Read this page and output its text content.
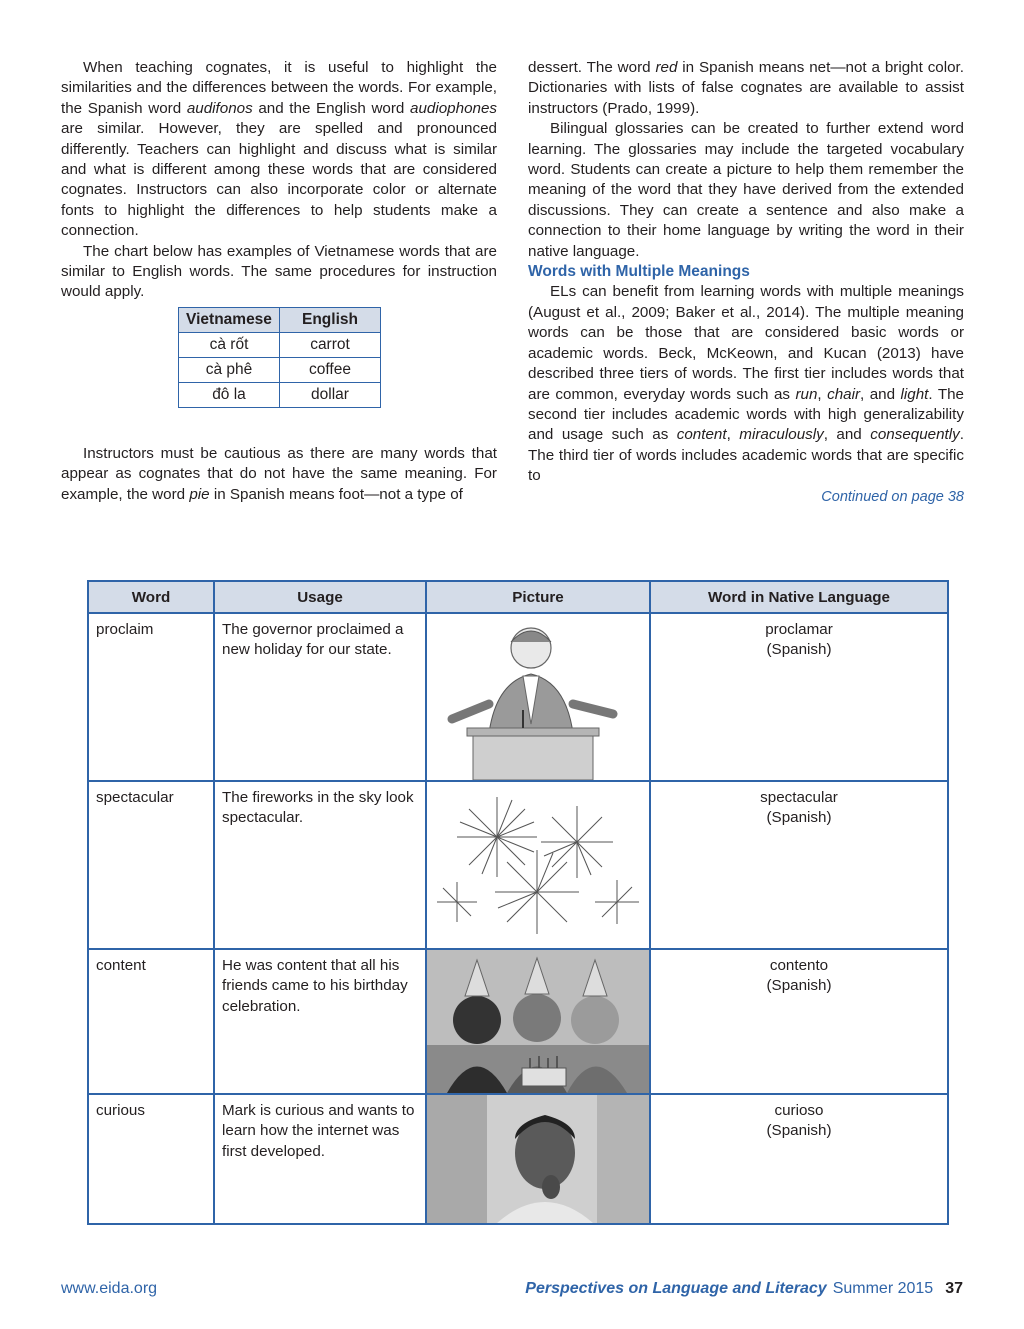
When teaching cognates, it is useful to highlight the similarities and the differences between the words. For example, the Spanish word audifonos and the English word audiophones are similar. However, they are spelled and pronounced differently. Teachers can highlight and discuss what is similar and what is different among these words that are considered cognates. Instructors can also incorporate color or alternate fonts to highlight the differences to help students make a connection.

The chart below has examples of Vietnamese words that are similar to English words. The same procedures for instruction would apply.

Vietnamese	English
cà rốt	carrot
cà phê	coffee
đô la	dollar

Instructors must be cautious as there are many words that appear as cognates that do not have the same meaning. For example, the word pie in Spanish means foot—not a type of

dessert. The word red in Spanish means net—not a bright color. Dictionaries with lists of false cognates are available to assist instructors (Prado, 1999).

Bilingual glossaries can be created to further extend word learning. The glossaries may include the targeted vocabulary word. Students can create a picture to help them remember the meaning of the word that they have derived from the extended discussions. They can create a sentence and also make a connection to their home language by writing the word in their native language.

Words with Multiple Meanings

ELs can benefit from learning words with multiple meanings (August et al., 2009; Baker et al., 2014). The multiple meaning words can be those that are considered basic words or academic words. Beck, McKeown, and Kucan (2013) have described three tiers of words. The first tier includes words that are common, everyday words such as run, chair, and light. The second tier includes academic words with high generalizability and usage such as content, miraculously, and consequently. The third tier of words includes academic words that are specific to

Continued on page 38

Word	Usage	Picture	Word in Native Language
proclaim	The governor proclaimed a new holiday for our state.		proclamar
(Spanish)

spectacular	The fireworks in the sky look spectacular.		spectacular
(Spanish)

content	He was content that all his friends came to his birthday celebration.		contento
(Spanish)

curious	Mark is curious and wants to learn how the internet was first developed.		curioso
(Spanish)
www.eida.org	Perspectives on Language and Literacy Summer 2015 37
